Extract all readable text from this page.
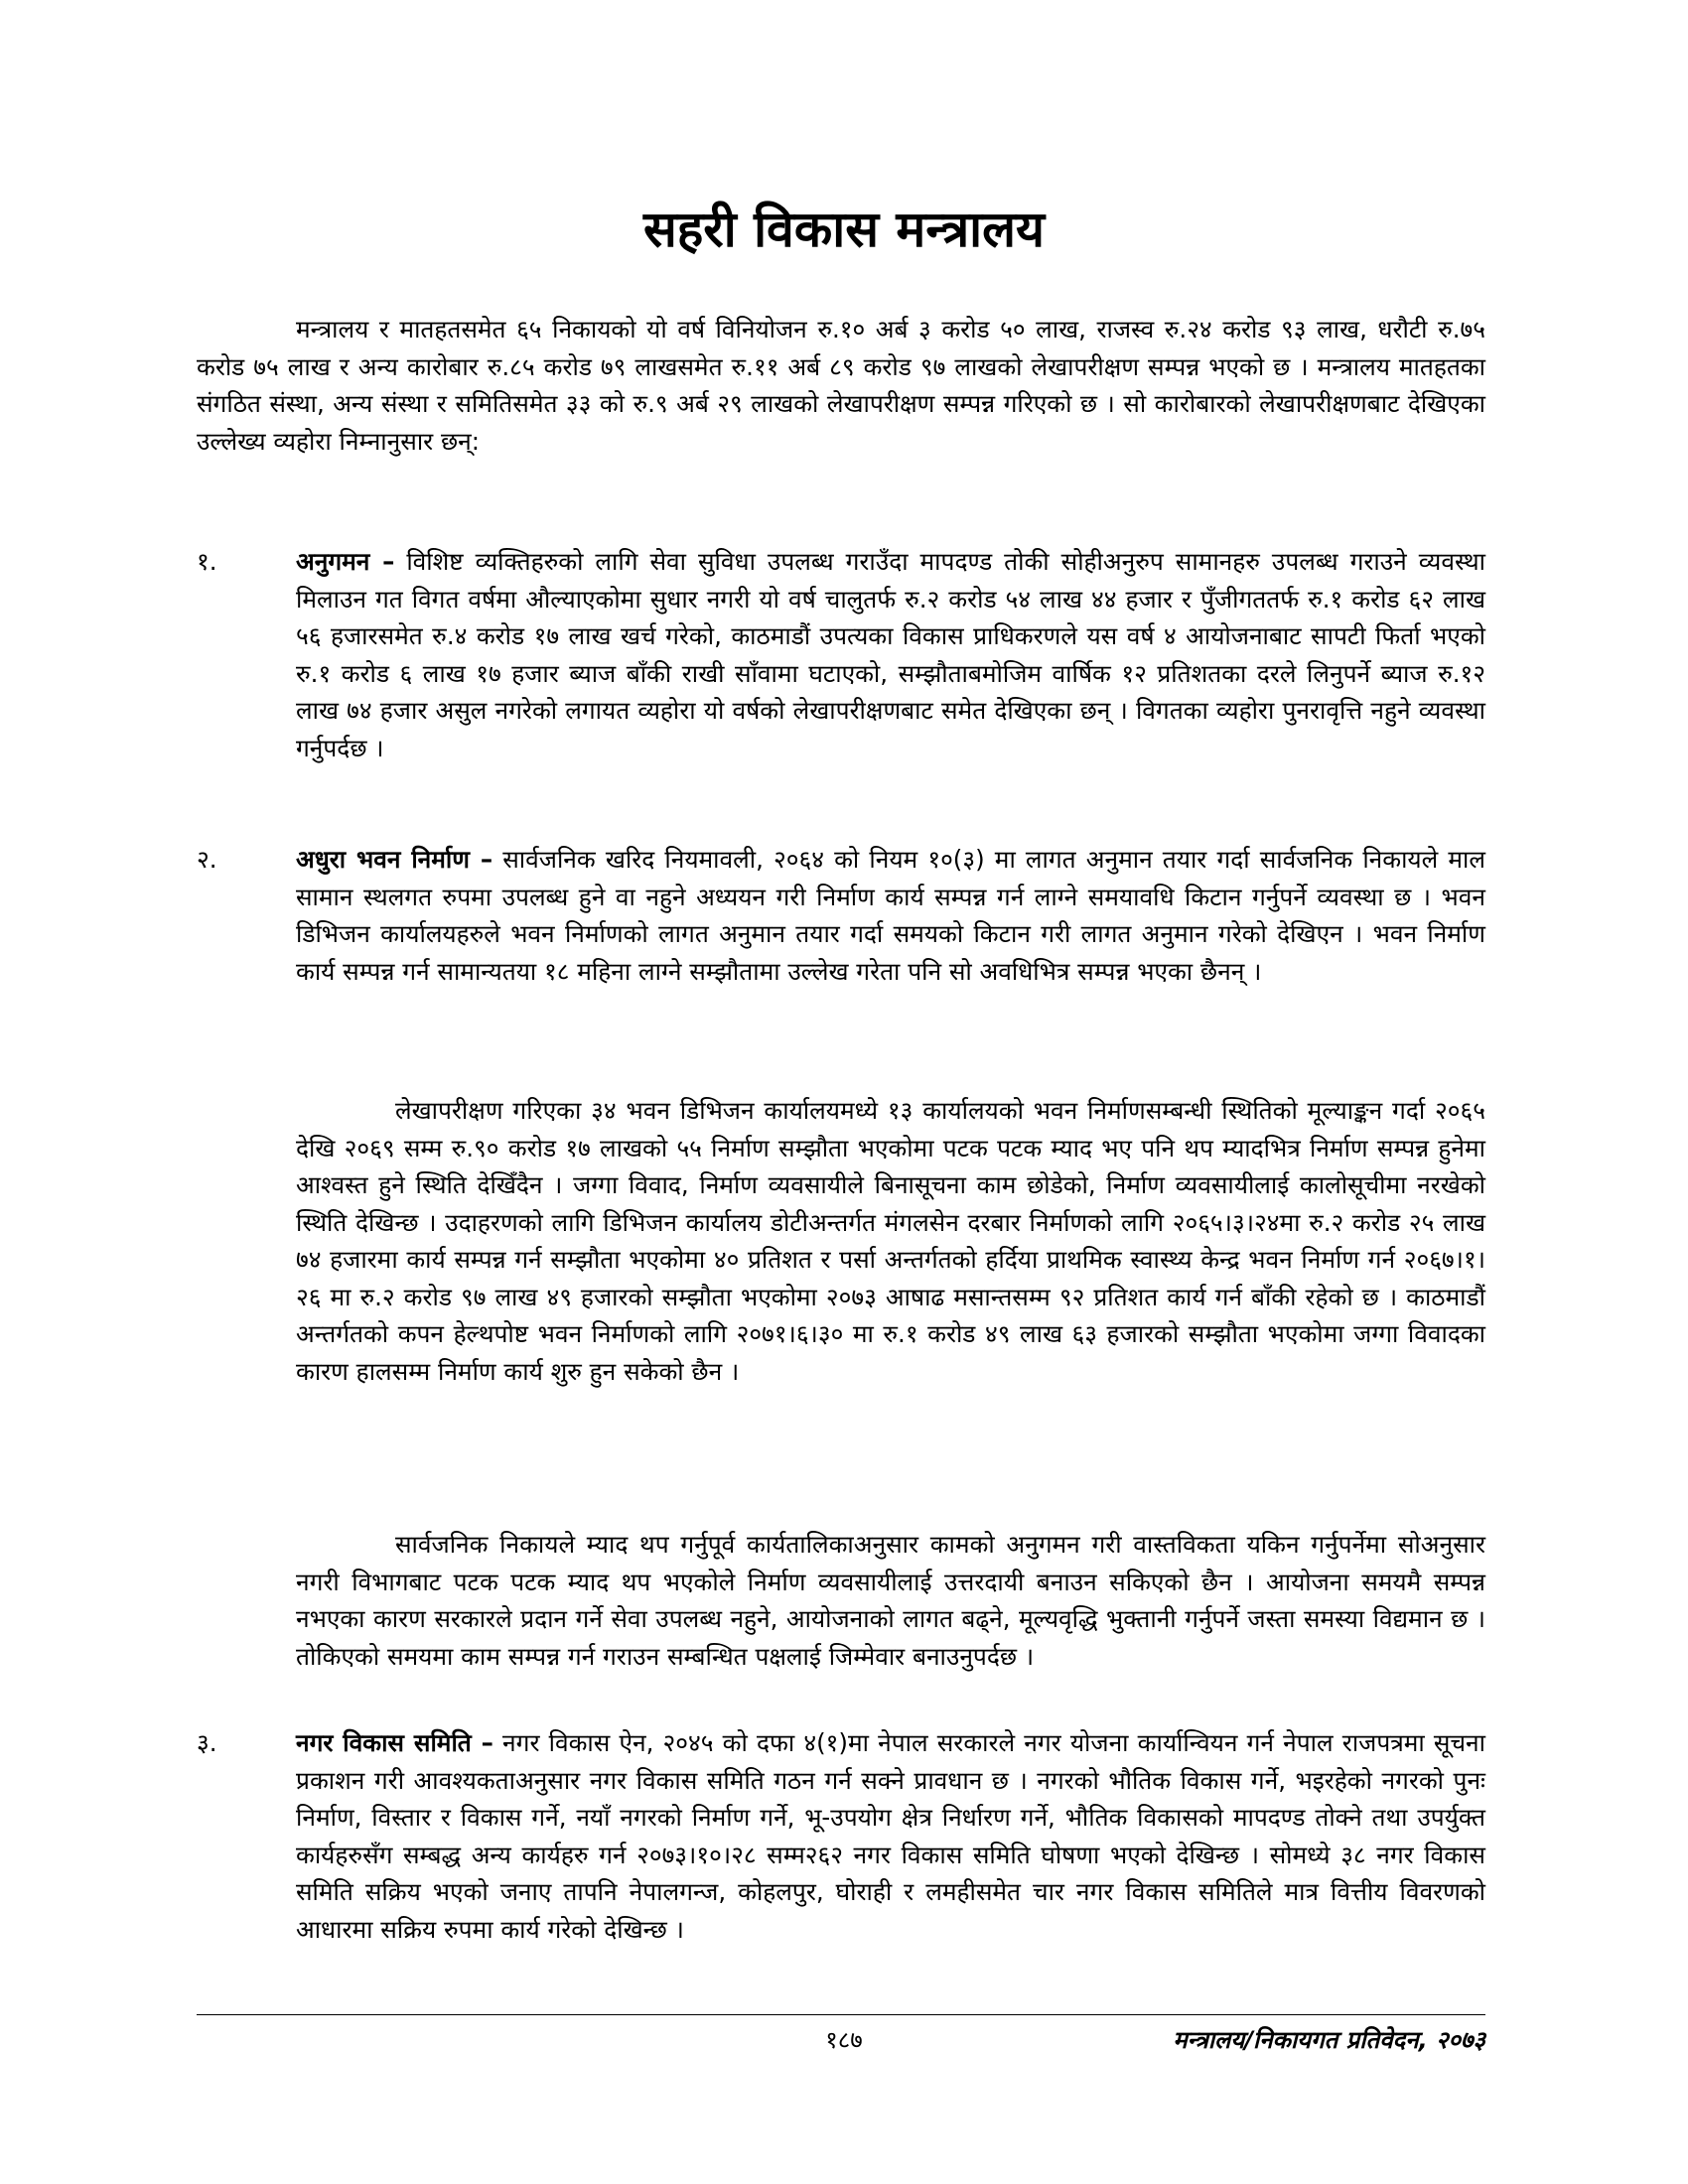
सहरी विकास मन्त्रालय
मन्त्रालय र मातहतसमेत ६५ निकायको यो वर्ष विनियोजन रु.१० अर्ब ३ करोड ५० लाख, राजस्व रु.२४ करोड ९३ लाख, धरौटी रु.७५ करोड ७५ लाख र अन्य कारोबार रु.८५ करोड ७९ लाखसमेत रु.११ अर्ब ८९ करोड ९७ लाखको लेखापरीक्षण सम्पन्न भएको छ । मन्त्रालय मातहतका संगठित संस्था, अन्य संस्था र समितिसमेत ३३ को रु.९ अर्ब २९ लाखको लेखापरीक्षण सम्पन्न गरिएको छ । सो कारोबारको लेखापरीक्षणबाट देखिएका उल्लेख्य व्यहोरा निम्नानुसार छन्:
१.	अनुगमन – विशिष्ट व्यक्तिहरुको लागि सेवा सुविधा उपलब्ध गराउँदा मापदण्ड तोकी सोहीअनुरुप सामानहरु उपलब्ध गराउने व्यवस्था मिलाउन गत विगत वर्षमा औल्याएकोमा सुधार नगरी यो वर्ष चालुतर्फ रु.२ करोड ५४ लाख ४४ हजार र पुँजीगततर्फ रु.१ करोड ६२ लाख ५६ हजारसमेत रु.४ करोड १७ लाख खर्च गरेको, काठमाडौं उपत्यका विकास प्राधिकरणले यस वर्ष ४ आयोजनाबाट सापटी फिर्ता भएको रु.१ करोड ६ लाख १७ हजार ब्याज बाँकी राखी साँवामा घटाएको, सम्झौताबमोजिम वार्षिक १२ प्रतिशतका दरले लिनुपर्ने ब्याज रु.१२ लाख ७४ हजार असुल नगरेको लगायत व्यहोरा यो वर्षको लेखापरीक्षणबाट समेत देखिएका छन् । विगतका व्यहोरा पुनरावृत्ति नहुने व्यवस्था गर्नुपर्दछ ।
२.	अधुरा भवन निर्माण – सार्वजनिक खरिद नियमावली, २०६४ को नियम १०(३) मा लागत अनुमान तयार गर्दा सार्वजनिक निकायले माल सामान स्थलगत रुपमा उपलब्ध हुने वा नहुने अध्ययन गरी निर्माण कार्य सम्पन्न गर्न लाग्ने समयावधि किटान गर्नुपर्ने व्यवस्था छ । भवन डिभिजन कार्यालयहरुले भवन निर्माणको लागत अनुमान तयार गर्दा समयको किटान गरी लागत अनुमान गरेको देखिएन । भवन निर्माण कार्य सम्पन्न गर्न सामान्यतया १८ महिना लाग्ने सम्झौतामा उल्लेख गरेता पनि सो अवधिभित्र सम्पन्न भएका छैनन् ।
लेखापरीक्षण गरिएका ३४ भवन डिभिजन कार्यालयमध्ये १३ कार्यालयको भवन निर्माणसम्बन्धी स्थितिको मूल्याङ्कन गर्दा २०६५ देखि २०६९ सम्म रु.९० करोड १७ लाखको ५५ निर्माण सम्झौता भएकोमा पटक पटक म्याद भए पनि थप म्यादभित्र निर्माण सम्पन्न हुनेमा आश्वस्त हुने स्थिति देखिँदैन । जग्गा विवाद, निर्माण व्यवसायीले बिनासूचना काम छोडेको, निर्माण व्यवसायीलाई कालोसूचीमा नरखेको स्थिति देखिन्छ । उदाहरणको लागि डिभिजन कार्यालय डोटीअन्तर्गत मंगलसेन दरबार निर्माणको लागि २०६५।३।२४मा रु.२ करोड २५ लाख ७४ हजारमा कार्य सम्पन्न गर्न सम्झौता भएकोमा ४० प्रतिशत र पर्सा अन्तर्गतको हर्दिया प्राथमिक स्वास्थ्य केन्द्र भवन निर्माण गर्न २०६७।१।२६ मा रु.२ करोड ९७ लाख ४९ हजारको सम्झौता भएकोमा २०७३ आषाढ मसान्तसम्म ९२ प्रतिशत कार्य गर्न बाँकी रहेको छ । काठमाडौं अन्तर्गतको कपन हेल्थपोष्ट भवन निर्माणको लागि २०७१।६।३० मा रु.१ करोड ४९ लाख ६३ हजारको सम्झौता भएकोमा जग्गा विवादका कारण हालसम्म निर्माण कार्य शुरु हुन सकेको छैन ।
सार्वजनिक निकायले म्याद थप गर्नुपूर्व कार्यतालिकाअनुसार कामको अनुगमन गरी वास्तविकता यकिन गर्नुपर्नेमा सोअनुसार नगरी विभागबाट पटक पटक म्याद थप भएकोले निर्माण व्यवसायीलाई उत्तरदायी बनाउन सकिएको छैन । आयोजना समयमै सम्पन्न नभएका कारण सरकारले प्रदान गर्ने सेवा उपलब्ध नहुने, आयोजनाको लागत बढ्ने, मूल्यवृद्धि भुक्तानी गर्नुपर्ने जस्ता समस्या विद्यमान छ । तोकिएको समयमा काम सम्पन्न गर्न गराउन सम्बन्धित पक्षलाई जिम्मेवार बनाउनुपर्दछ ।
३.	नगर विकास समिति – नगर विकास ऐन, २०४५ को दफा ४(१)मा नेपाल सरकारले नगर योजना कार्यान्वियन गर्न नेपाल राजपत्रमा सूचना प्रकाशन गरी आवश्यकताअनुसार नगर विकास समिति गठन गर्न सक्ने प्रावधान छ । नगरको भौतिक विकास गर्ने, भइरहेको नगरको पुनः निर्माण, विस्तार र विकास गर्ने, नयाँ नगरको निर्माण गर्ने, भू-उपयोग क्षेत्र निर्धारण गर्ने, भौतिक विकासको मापदण्ड तोक्ने तथा उपर्युक्त कार्यहरुसँग सम्बद्ध अन्य कार्यहरु गर्न २०७३।१०।२८ सम्म२६२ नगर विकास समिति घोषणा भएको देखिन्छ । सोमध्ये ३८ नगर विकास समिति सक्रिय भएको जनाए तापनि नेपालगन्ज, कोहलपुर, घोराही र लमहीसमेत चार नगर विकास समितिले मात्र वित्तीय विवरणको आधारमा सक्रिय रुपमा कार्य गरेको देखिन्छ ।
१८७	मन्त्रालय/निकायगत प्रतिवेदन, २०७३
